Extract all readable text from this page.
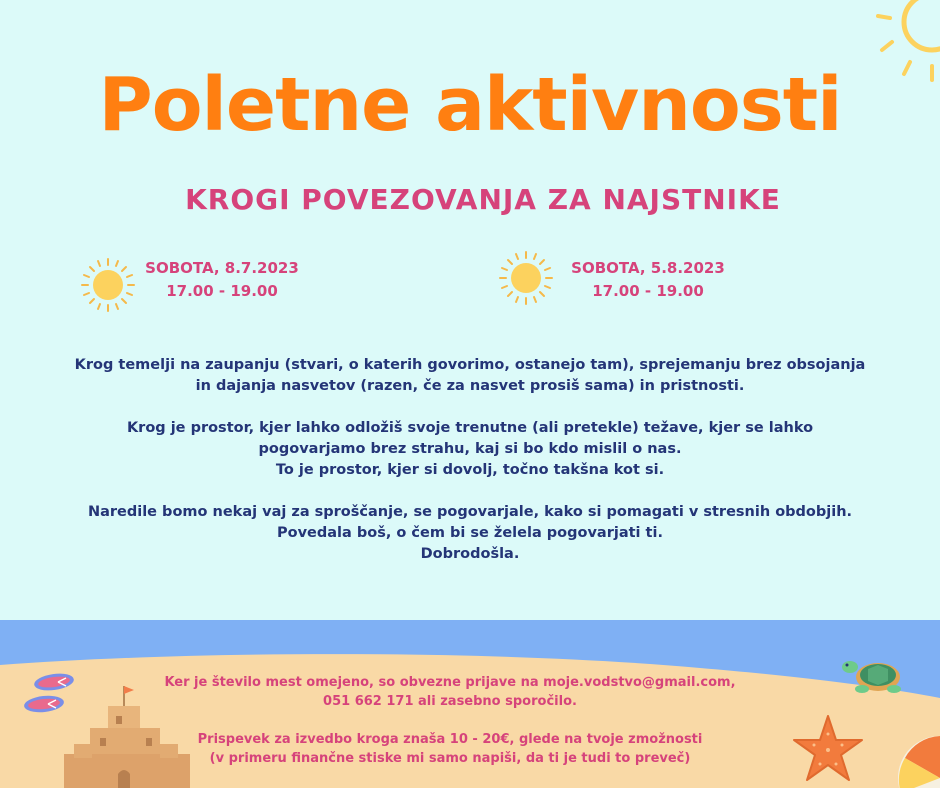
Poletne aktivnosti
KROGI POVEZOVANJA ZA NAJSTNIKE
SOBOTA, 8.7.2023
17.00 - 19.00
SOBOTA, 5.8.2023
17.00 - 19.00

Krog temelji na zaupanju (stvari, o katerih govorimo, ostanejo tam), sprejemanju brez obsojanja
in dajanja nasvetov (razen, če za nasvet prosiš sama) in pristnosti.

Krog je prostor, kjer lahko odložiš svoje trenutne (ali pretekle) težave, kjer se lahko
pogovarjamo brez strahu, kaj si bo kdo mislil o nas.
To je prostor, kjer si dovolj, točno takšna kot si.

Naredile bomo nekaj vaj za sproščanje, se pogovarjale, kako si pomagati v stresnih obdobjih.
Povedala boš, o čem bi se želela pogovarjati ti.
Dobrodošla.

Ker je število mest omejeno, so obvezne prijave na moje.vodstvo@gmail.com,
051 662 171 ali zasebno sporočilo.

Prispevek za izvedbo kroga znaša 10 - 20€, glede na tvoje zmožnosti
(v primeru finančne stiske mi samo napiši, da ti je tudi to preveč)
